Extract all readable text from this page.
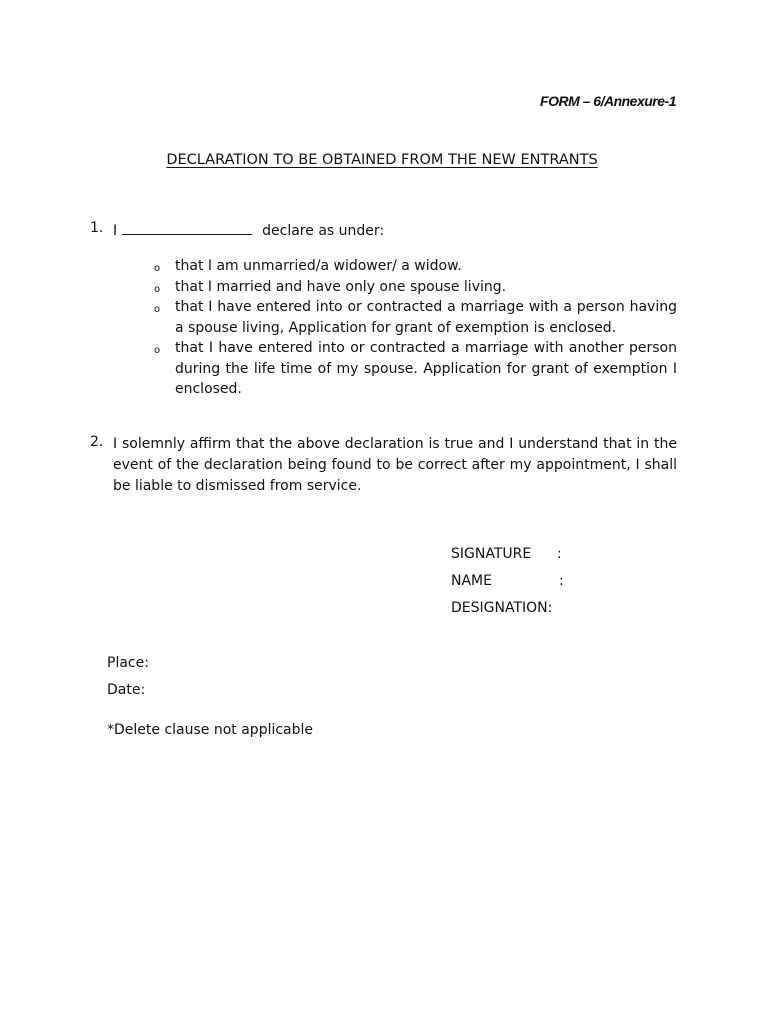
FORM – 6/Annexure-1
DECLARATION TO BE OBTAINED FROM THE NEW ENTRANTS
1. I	declare as under:
o that I am unmarried/a widower/ a widow.
o that I married and have only one spouse living.
o that I have entered into or contracted a marriage with a person having a spouse living, Application for grant of exemption is enclosed.
o that I have entered into or contracted a marriage with another person during the life time of my spouse. Application for grant of exemption I enclosed.
2. I solemnly affirm that the above declaration is true and I understand that in the event of the declaration being found to be correct after my appointment, I shall be liable to dismissed from service.
SIGNATURE :
NAME	:
DESIGNATION:
Place:
Date:
*Delete clause not applicable
